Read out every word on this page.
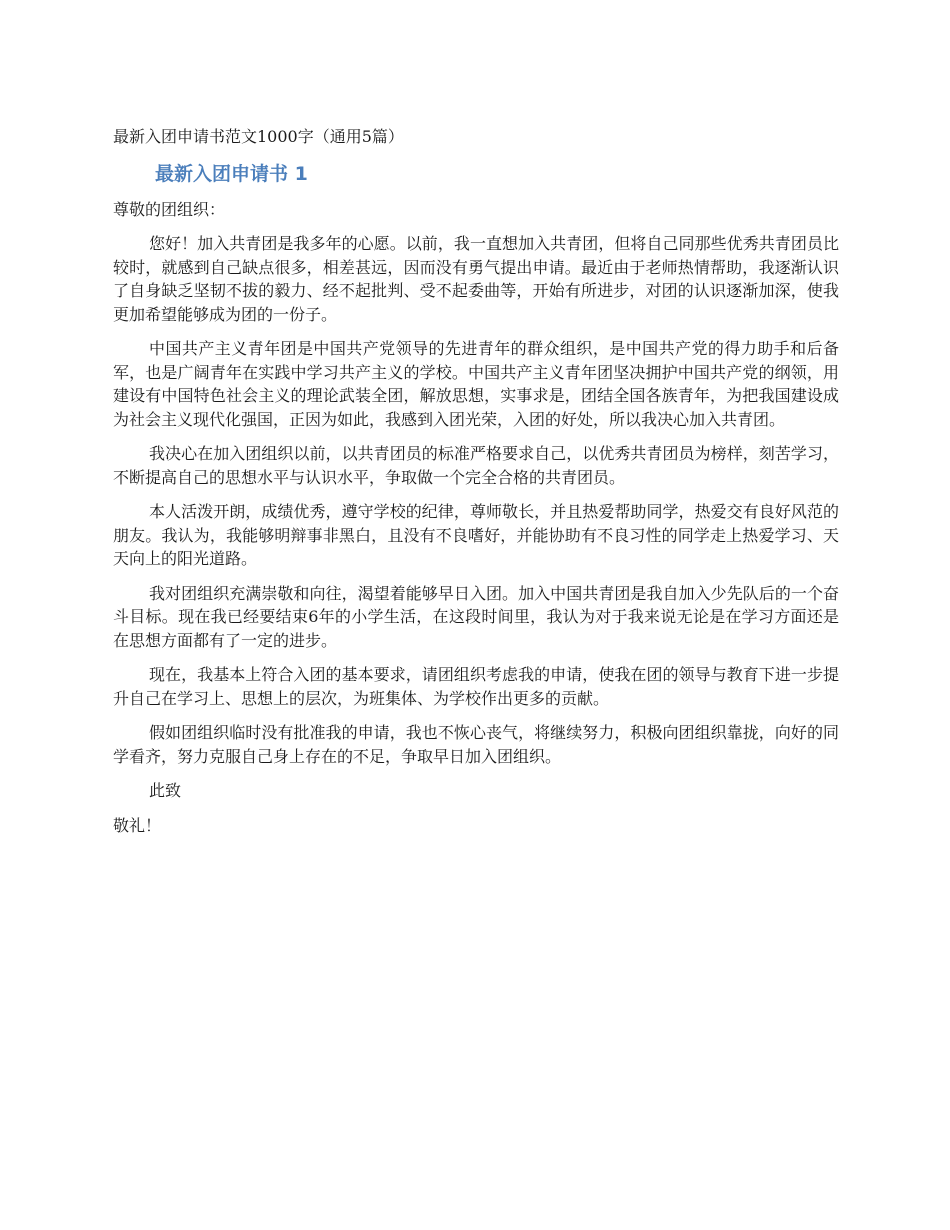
最新入团申请书范文1000字（通用5篇）
最新入团申请书 1
尊敬的团组织：

您好！加入共青团是我多年的心愿。以前，我一直想加入共青团，但将自己同那些优秀共青团员比较时，就感到自己缺点很多，相差甚远，因而没有勇气提出申请。最近由于老师热情帮助，我逐渐认识了自身缺乏坚韧不拔的毅力、经不起批判、受不起委曲等，开始有所进步，对团的认识逐渐加深，使我更加希望能够成为团的一份子。

中国共产主义青年团是中国共产党领导的先进青年的群众组织，是中国共产党的得力助手和后备军，也是广阔青年在实践中学习共产主义的学校。中国共产主义青年团坚决拥护中国共产党的纲领，用建设有中国特色社会主义的理论武装全团，解放思想，实事求是，团结全国各族青年，为把我国建设成为社会主义现代化强国，正因为如此，我感到入团光荣，入团的好处，所以我决心加入共青团。

我决心在加入团组织以前，以共青团员的标准严格要求自己，以优秀共青团员为榜样，刻苦学习，不断提高自己的思想水平与认识水平，争取做一个完全合格的共青团员。

本人活泼开朗，成绩优秀，遵守学校的纪律，尊师敬长，并且热爱帮助同学，热爱交有良好风范的朋友。我认为，我能够明辩事非黑白，且没有不良嗜好，并能协助有不良习性的同学走上热爱学习、天天向上的阳光道路。

我对团组织充满崇敬和向往，渴望着能够早日入团。加入中国共青团是我自加入少先队后的一个奋斗目标。现在我已经要结束6年的小学生活，在这段时间里，我认为对于我来说无论是在学习方面还是在思想方面都有了一定的进步。

现在，我基本上符合入团的基本要求，请团组织考虑我的申请，使我在团的领导与教育下进一步提升自己在学习上、思想上的层次，为班集体、为学校作出更多的贡献。

假如团组织临时没有批准我的申请，我也不恢心丧气，将继续努力，积极向团组织靠拢，向好的同学看齐，努力克服自己身上存在的不足，争取早日加入团组织。

此致

敬礼！
